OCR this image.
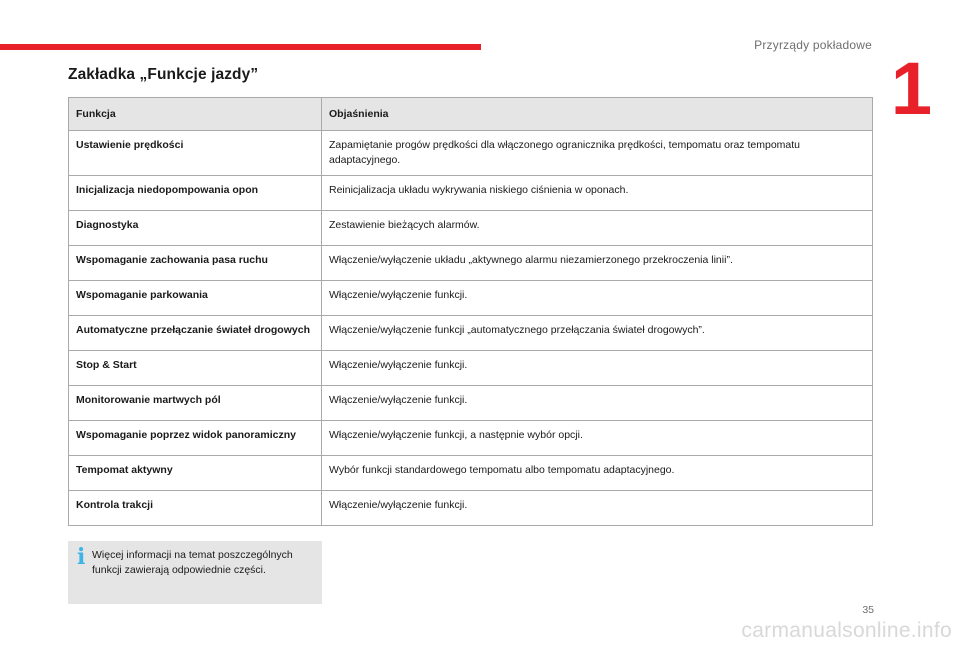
Przyrządy pokładowe
1
Zakładka „Funkcje jazdy”
Funkcja	Objaśnienia
Ustawienie prędkości	Zapamiętanie progów prędkości dla włączonego ogranicznika prędkości, tempomatu oraz tempomatu adaptacyjnego.
Inicjalizacja niedopompowania opon	Reinicjalizacja układu wykrywania niskiego ciśnienia w oponach.
Diagnostyka	Zestawienie bieżących alarmów.
Wspomaganie zachowania pasa ruchu	Włączenie/wyłączenie układu „aktywnego alarmu niezamierzonego przekroczenia linii”.
Wspomaganie parkowania	Włączenie/wyłączenie funkcji.
Automatyczne przełączanie świateł drogowych	Włączenie/wyłączenie funkcji „automatycznego przełączania świateł drogowych”.
Stop & Start	Włączenie/wyłączenie funkcji.
Monitorowanie martwych pól	Włączenie/wyłączenie funkcji.
Wspomaganie poprzez widok panoramiczny	Włączenie/wyłączenie funkcji, a następnie wybór opcji.
Tempomat aktywny	Wybór funkcji standardowego tempomatu albo tempomatu adaptacyjnego.
Kontrola trakcji	Włączenie/wyłączenie funkcji.
i Więcej informacji na temat poszczególnych funkcji zawierają odpowiednie części.
35
carmanualsonline.info
